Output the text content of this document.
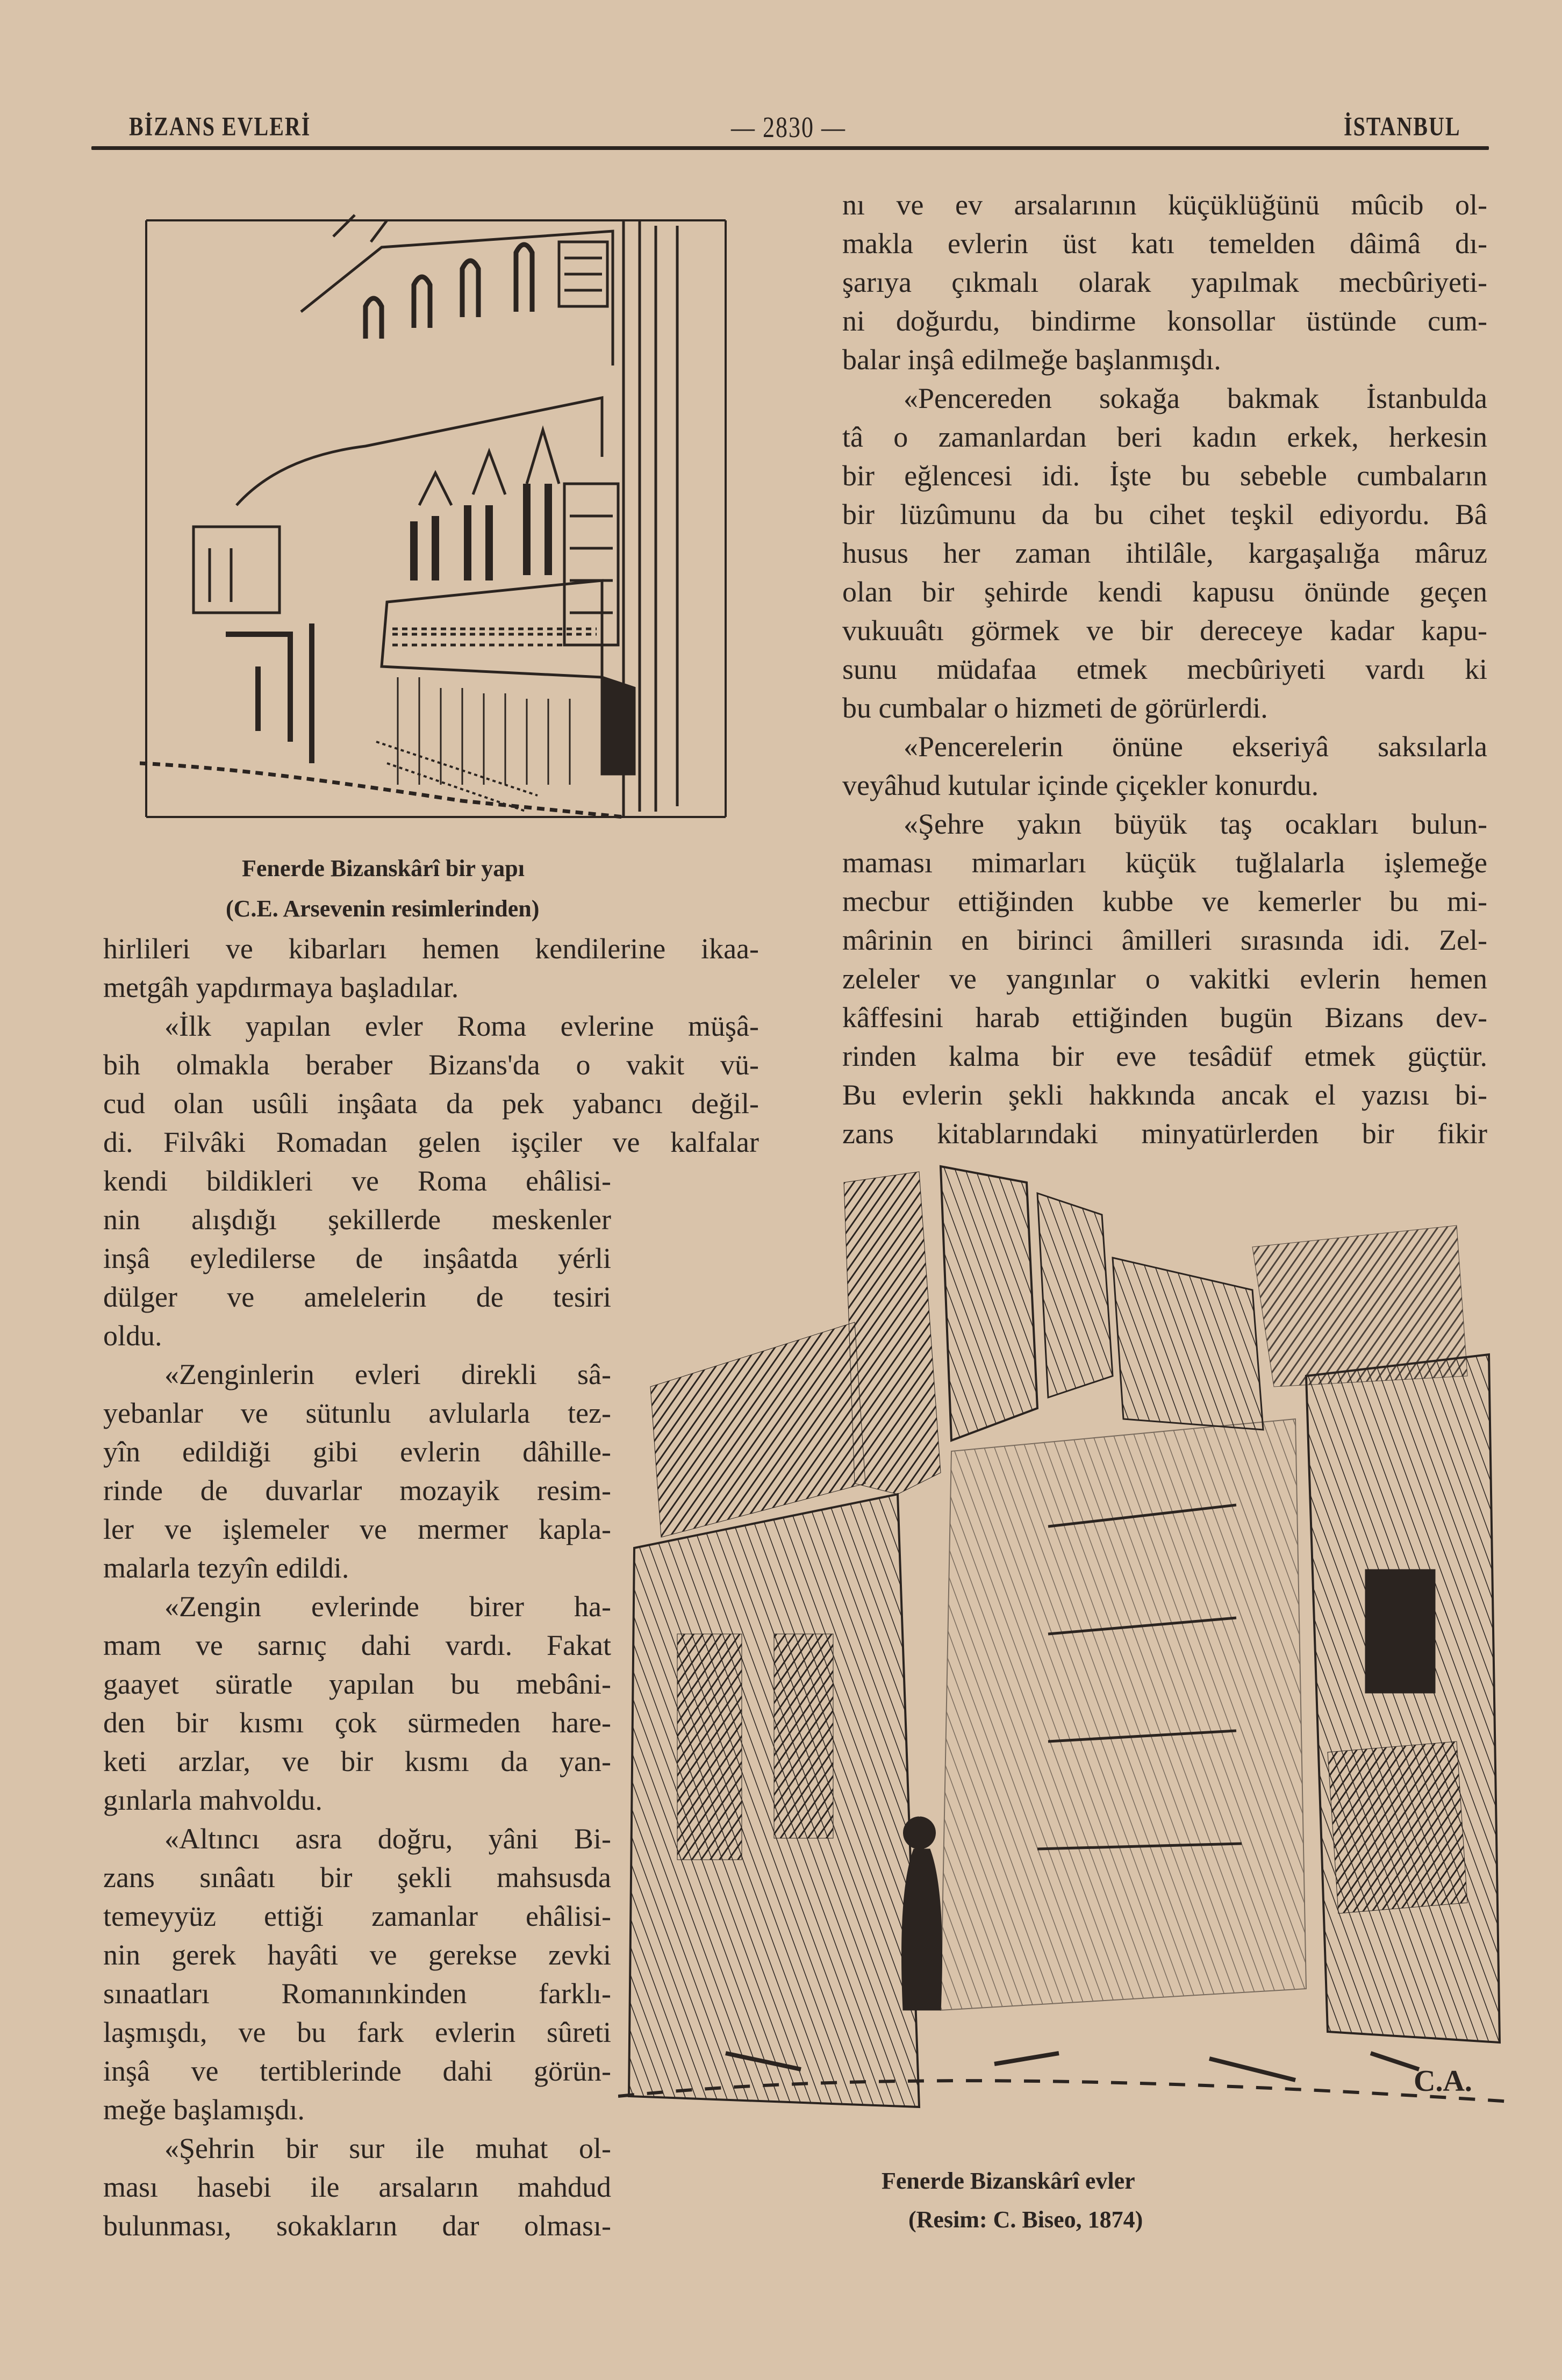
BİZANS EVLERİ	— 2830 —	İSTANBUL
Fenerde Bizanskârî bir yapı
(C.E. Arsevenin resimlerinden)
hirlileri ve kibarları hemen kendilerine ikaa-
metgâh yapdırmaya başladılar.
«İlk yapılan evler Roma evlerine müşâ-
bih olmakla beraber Bizans'da o vakit vü-
cud olan usûli inşâata da pek yabancı değil-
di. Filvâki Romadan gelen işçiler ve kalfalar
kendi bildikleri ve Roma ehâlisi-
nin alışdığı şekillerde meskenler
inşâ eyledilerse de inşâatda yérli
dülger ve amelelerin de tesiri
oldu.
«Zenginlerin evleri direkli sâ-
yebanlar ve sütunlu avlularla tez-
yîn edildiği gibi evlerin dâhille-
rinde de duvarlar mozayik resim-
ler ve işlemeler ve mermer kapla-
malarla tezyîn edildi.
«Zengin evlerinde birer ha-
mam ve sarnıç dahi vardı. Fakat
gaayet süratle yapılan bu mebâni-
den bir kısmı çok sürmeden hare-
keti arzlar, ve bir kısmı da yan-
gınlarla mahvoldu.
«Altıncı asra doğru, yâni Bi-
zans sınâatı bir şekli mahsusda
temeyyüz ettiği zamanlar ehâlisi-
nin gerek hayâti ve gerekse zevki
sınaatları Romanınkinden farklı-
laşmışdı, ve bu fark evlerin sûreti
inşâ ve tertiblerinde dahi görün-
meğe başlamışdı.
«Şehrin bir sur ile muhat ol-
ması hasebi ile arsaların mahdud
bulunması, sokakların dar olması-
nı ve ev arsalarının küçüklüğünü mûcib ol-
makla evlerin üst katı temelden dâimâ dı-
şarıya çıkmalı olarak yapılmak mecbûriyeti-
ni doğurdu, bindirme konsollar üstünde cum-
balar inşâ edilmeğe başlanmışdı.
«Pencereden sokağa bakmak İstanbulda
tâ o zamanlardan beri kadın erkek, herkesin
bir eğlencesi idi. İşte bu sebeble cumbaların
bir lüzûmunu da bu cihet teşkil ediyordu. Bâ
husus her zaman ihtilâle, kargaşalığa mâruz
olan bir şehirde kendi kapusu önünde geçen
vukuuâtı görmek ve bir dereceye kadar kapu-
sunu müdafaa etmek mecbûriyeti vardı ki
bu cumbalar o hizmeti de görürlerdi.
«Pencerelerin önüne ekseriyâ saksılarla
veyâhud kutular içinde çiçekler konurdu.
«Şehre yakın büyük taş ocakları bulun-
maması mimarları küçük tuğlalarla işlemeğe
mecbur ettiğinden kubbe ve kemerler bu mi-
mârinin en birinci âmilleri sırasında idi. Zel-
zeleler ve yangınlar o vakitki evlerin hemen
kâffesini harab ettiğinden bugün Bizans dev-
rinden kalma bir eve tesâdüf etmek güçtür.
Bu evlerin şekli hakkında ancak el yazısı bi-
zans kitablarındaki minyatürlerden bir fikir
C.A.
Fenerde Bizanskârî evler
(Resim: C. Biseo, 1874)
